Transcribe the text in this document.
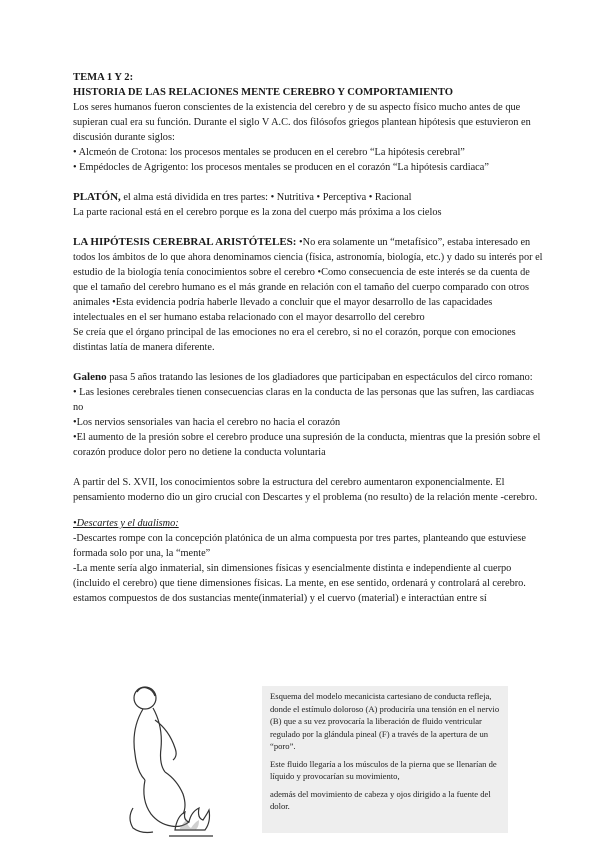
TEMA 1 Y 2:

HISTORIA DE LAS RELACIONES MENTE CEREBRO Y COMPORTAMIENTO

Los seres humanos fueron conscientes de la existencia del cerebro y de su aspecto físico mucho antes de que supieran cual era su función. Durante el siglo V A.C. dos filósofos griegos plantean hipótesis que estuvieron en discusión durante siglos:

• Alcmeón de Crotona: los procesos mentales se producen en el cerebro “La hipótesis cerebral”

• Empédocles de Agrigento: los procesos mentales se producen en el corazón “La hipótesis cardiaca”

PLATÓN, el alma está dividida en tres partes: • Nutritiva • Perceptiva • Racional

La parte racional está en el cerebro porque es la zona del cuerpo más próxima a los cielos

LA HIPÓTESIS CEREBRAL ARISTÓTELES: •No era solamente un “metafísico”, estaba interesado en todos los ámbitos de lo que ahora denominamos ciencia (física, astronomía, biología, etc.) y dado su interés por el estudio de la biología tenía conocimientos sobre el cerebro •Como consecuencia de este interés se da cuenta de que el tamaño del cerebro humano es el más grande en relación con el tamaño del cuerpo comparado con otros animales •Esta evidencia podría haberle llevado a concluir que el mayor desarrollo de las capacidades intelectuales en el ser humano estaba relacionado con el mayor desarrollo del cerebro

Se creía que el órgano principal de las emociones no era el cerebro, si no el corazón, porque con emociones distintas latía de manera diferente.

Galeno pasa 5 años tratando las lesiones de los gladiadores que participaban en espectáculos del circo romano:

• Las lesiones cerebrales tienen consecuencias claras en la conducta de las personas que las sufren, las cardiacas no

•Los nervios sensoriales van hacia el cerebro no hacia el corazón

•El aumento de la presión sobre el cerebro produce una supresión de la conducta, mientras que la presión sobre el corazón produce dolor pero no detiene la conducta voluntaria

A partir del S. XVII, los conocimientos sobre la estructura del cerebro aumentaron exponencialmente. El pensamiento moderno dio un giro crucial con Descartes y el problema (no resulto) de la relación mente -cerebro.

•Descartes y el dualismo:

-Descartes rompe con la concepción platónica de un alma compuesta por tres partes, planteando que estuviese formada solo por una, la “mente”

-La mente sería algo inmaterial, sin dimensiones físicas y esencialmente distinta e independiente al cuerpo (incluido el cerebro) que tiene dimensiones físicas. La mente, en ese sentido, ordenará y controlará al cerebro. estamos compuestos de dos sustancias mente(inmaterial) y el cuervo (material) e interactúan entre sí

Esquema del modelo mecanicista cartesiano de conducta refleja, donde el estímulo doloroso (A) produciría una tensión en el nervio (B) que a su vez provocaría la liberación de fluido ventricular regulado por la glándula pineal (F) a través de la apertura de un “poro”.

Este fluido llegaría a los músculos de la pierna que se llenarían de líquido y provocarían su movimiento,

además del movimiento de cabeza y ojos dirigido a la fuente del dolor.
